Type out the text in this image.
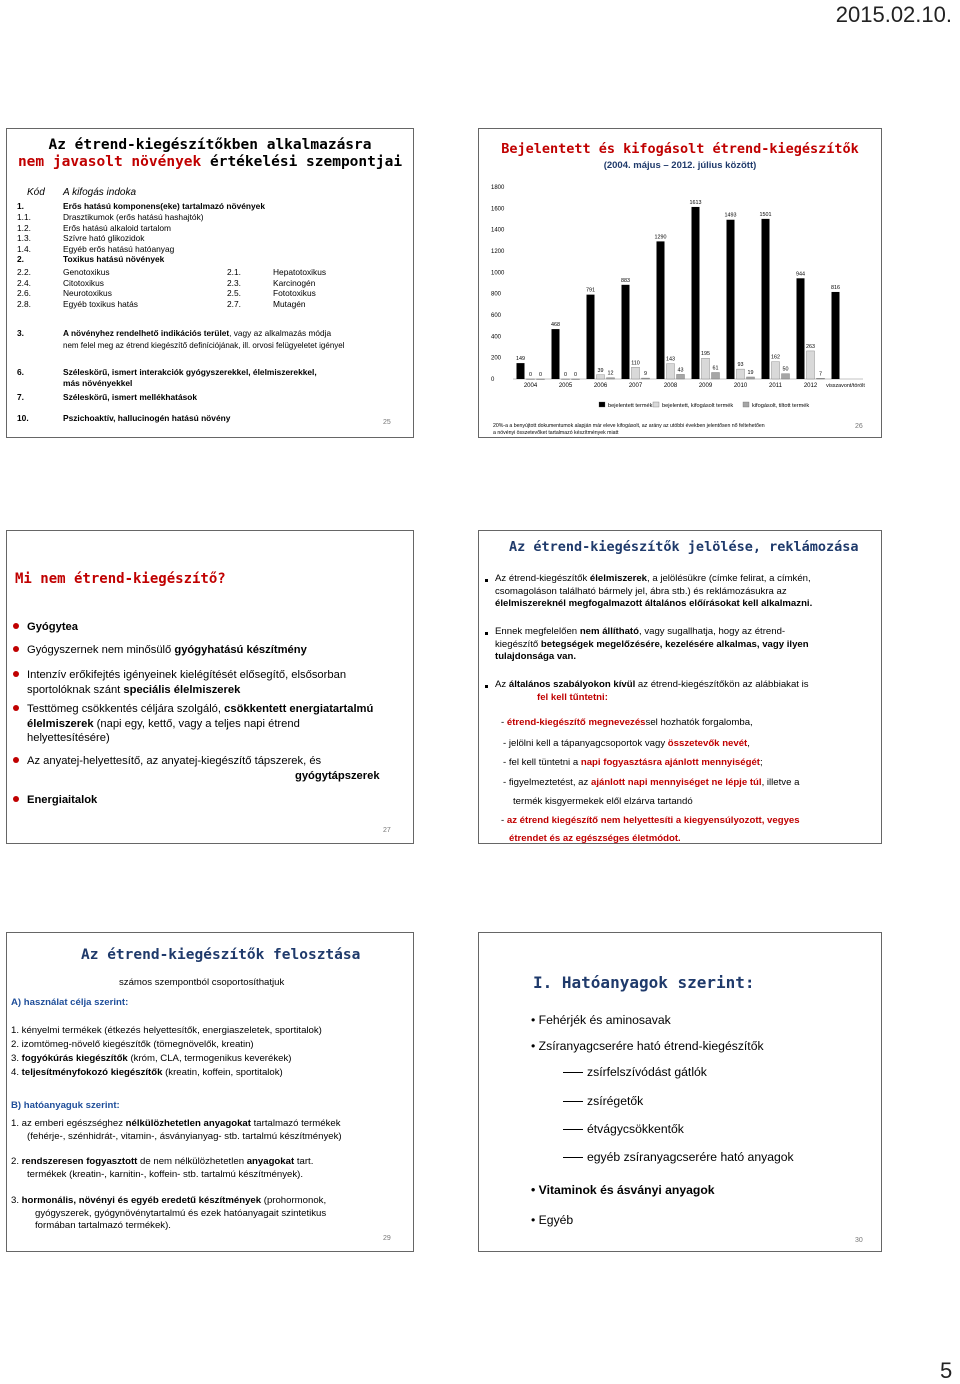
2015.02.10.
Az étrend-kiegészítőkben alkalmazásra
nem javasolt növények értékelési szempontjai
Kód A kifogás indoka
1.	Erős hatású komponens(eke) tartalmazó növények
1.1.	Drasztikumok (erős hatású hashajtók)
1.2.	Erős hatású alkaloid tartalom
1.3.	Szívre ható glikozidok
1.4.	Egyéb erős hatású hatóanyag
2.	Toxikus hatású növények
2.2.	Genotoxikus	2.1.	Hepatotoxikus
2.4.	Citotoxikus	2.3.	Karcinogén
2.6.	Neurotoxikus	2.5.	Fototoxikus
2.8.	Egyéb toxikus hatás	2.7.	Mutagén
3.	A növényhez rendelhető indikációs terület, vagy az alkalmazás módja
nem felel meg az étrend kiegészítő definíciójának, ill. orvosi felügyeletet igényel
6.	Széleskörű, ismert interakciók gyógyszerekkel, élelmiszerekkel,
más növényekkel
7.	Széleskörű, ismert mellékhatások
10.	Pszichoaktív, hallucinogén hatású növény	25
Bejelentett és kifogásolt étrend-kiegészítők
(2004. május – 2012. július között)
0
200
400
600
800
1000
1200
1400
1600
1800
2004
149
0 0
2005
468
0 0
2006
791
39 12
2007
883
110
9
2008
1290
143
43
2009
1613
195
61
2010
1493
93
19
2011
1501
162
50
2012
944
263
7
visszavont/törölt
816
bejelentett termék bejelentett, kifogásolt termék	kifogásolt, tiltott termék
20%-a a benyújtott dokumentumok alapján már eleve kifogásolt, az arány az utóbbi években jelentősen nő feltehetően
a növényi összetevőket tartalmazó készítmények miatt
26
Mi nem étrend-kiegészítő?
Gyógytea
Gyógyszernek nem minősülő gyógyhatású készítmény
Intenzív erőkifejtés igényeinek kielégítését elősegítő, elsősorban
sportolóknak szánt speciális élelmiszerek
Testtömeg csökkentés céljára szolgáló, csökkentett energiatartalmú
élelmiszerek (napi egy, kettő, vagy a teljes napi étrend
helyettesítésére)
Az anyatej-helyettesítő, az anyatej-kiegészítő tápszerek, és
gyógytápszerek
Energiaitalok
27
Az étrend-kiegészítők jelölése, reklámozása
Az étrend-kiegészítők élelmiszerek, a jelölésükre (címke felirat, a címkén,
csomagoláson található bármely jel, ábra stb.) és reklámozásukra az
élelmiszereknél megfogalmazott általános előírásokat kell alkalmazni.
Ennek megfelelően nem állítható, vagy sugallhatja, hogy az étrend-
kiegészítő betegségek megelőzésére, kezelésére alkalmas, vagy ilyen
tulajdonsága van.
Az általános szabályokon kívül az étrend-kiegészítőkön az alábbiakat is
fel kell tűntetni:
- étrend-kiegészítő megnevezéssel hozhatók forgalomba,
- jelölni kell a tápanyagcsoportok vagy összetevők nevét,
- fel kell tüntetni a napi fogyasztásra ajánlott mennyiségét;
- figyelmeztetést, az ajánlott napi mennyiséget ne lépje túl, illetve a
termék kisgyermekek elől elzárva tartandó
- az étrend kiegészítő nem helyettesíti a kiegyensúlyozott, vegyes
étrendet és az egészséges életmódot.
Az étrend-kiegészítők felosztása
számos szempontból csoportosíthatjuk
A) használat célja szerint:
1. kényelmi termékek (étkezés helyettesítők, energiaszeletek, sportitalok)
2. izomtömeg-növelő kiegészítők (tömegnövelők, kreatin)
3. fogyókúrás kiegészítők (króm, CLA, termogenikus keverékek)
4. teljesítményfokozó kiegészítők (kreatin, koffein, sportitalok)
B) hatóanyaguk szerint:
1. az emberi egészséghez nélkülözhetetlen anyagokat tartalmazó termékek
(fehérje-, szénhidrát-, vitamin-, ásványianyag- stb. tartalmú készítmények)
2. rendszeresen fogyasztott de nem nélkülözhetetlen anyagokat tart.
termékek (kreatin-, karnitin-, koffein- stb. tartalmú készítmények).
3. hormonális, növényi és egyéb eredetű készítmények (prohormonok,
gyógyszerek, gyógynövénytartalmú és ezek hatóanyagait szintetikus
formában tartalmazó termékek).
29
I. Hatóanyagok szerint:
• Fehérjék és aminosavak
• Zsíranyagcserére ható étrend-kiegészítők
zsírfelszívódást gátlók
zsírégetők
étvágycsökkentők
egyéb zsíranyagcserére ható anyagok
• Vitaminok és ásványi anyagok
• Egyéb
30
5
